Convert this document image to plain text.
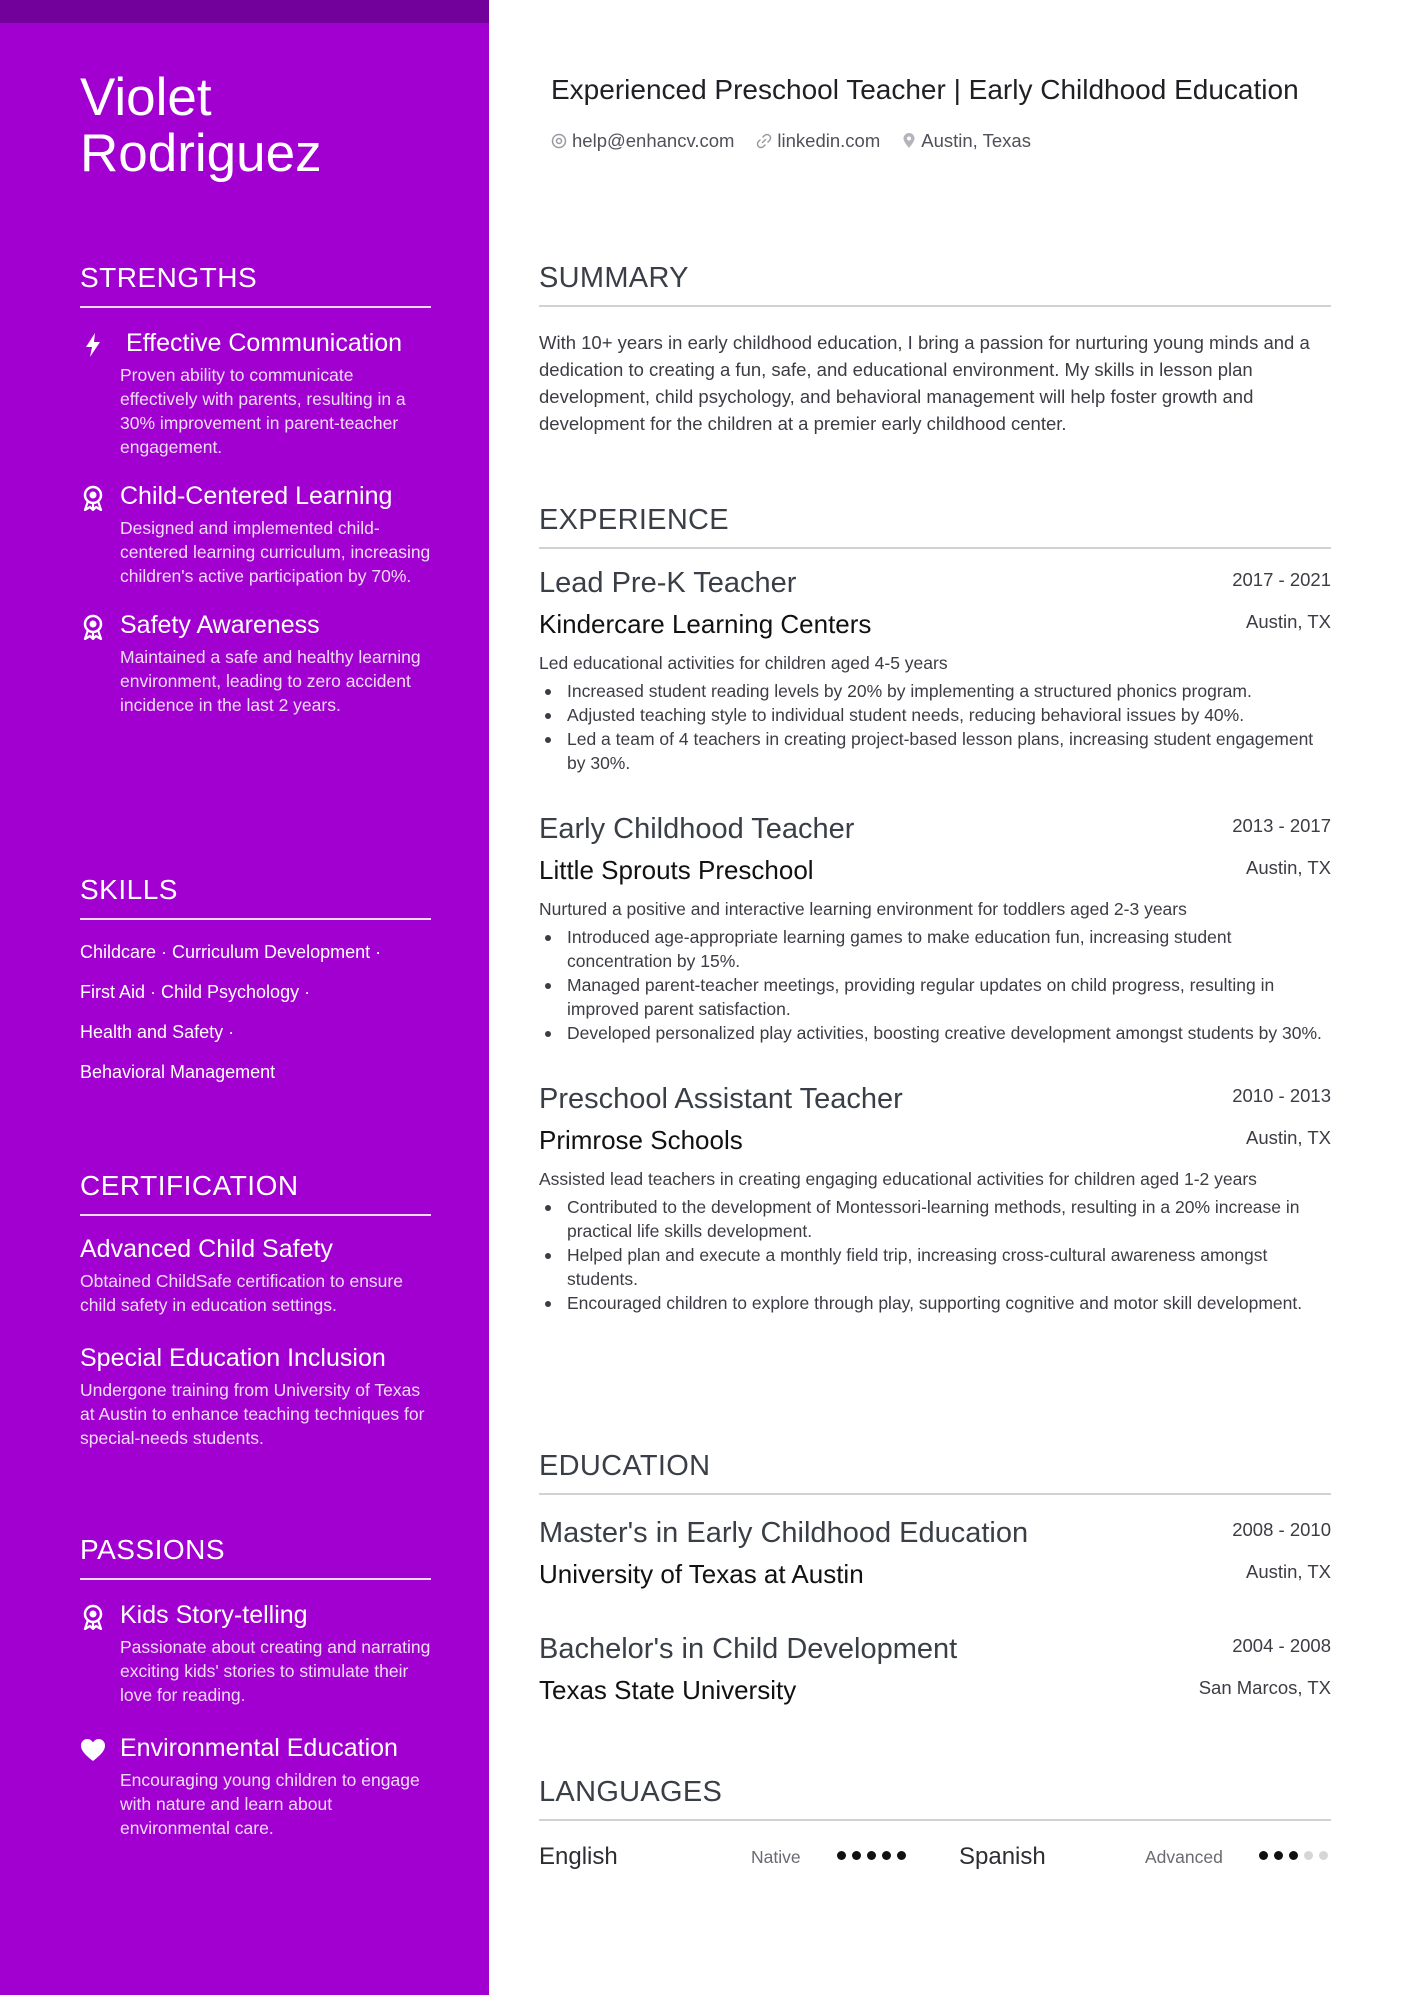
Violet
Rodriguez
STRENGTHS
Effective Communication
Proven ability to communicate effectively with parents, resulting in a 30% improvement in parent-teacher engagement.
Child-Centered Learning
Designed and implemented child-centered learning curriculum, increasing children's active participation by 70%.
Safety Awareness
Maintained a safe and healthy learning environment, leading to zero accident incidence in the last 2 years.
SKILLS
Childcare · Curriculum Development ·
First Aid · Child Psychology ·
Health and Safety ·
Behavioral Management
CERTIFICATION
Advanced Child Safety
Obtained ChildSafe certification to ensure child safety in education settings.
Special Education Inclusion
Undergone training from University of Texas at Austin to enhance teaching techniques for special-needs students.
PASSIONS
Kids Story-telling
Passionate about creating and narrating exciting kids' stories to stimulate their love for reading.
Environmental Education
Encouraging young children to engage with nature and learn about environmental care.
Experienced Preschool Teacher | Early Childhood Education
help@enhancv.com linkedin.com Austin, Texas
SUMMARY
With 10+ years in early childhood education, I bring a passion for nurturing young minds and a dedication to creating a fun, safe, and educational environment. My skills in lesson plan development, child psychology, and behavioral management will help foster growth and development for the children at a premier early childhood center.
EXPERIENCE
Lead Pre-K Teacher	2017 - 2021
Kindercare Learning Centers	Austin, TX
Led educational activities for children aged 4-5 years
Increased student reading levels by 20% by implementing a structured phonics program.
Adjusted teaching style to individual student needs, reducing behavioral issues by 40%.
Led a team of 4 teachers in creating project-based lesson plans, increasing student engagement by 30%.
Early Childhood Teacher	2013 - 2017
Little Sprouts Preschool	Austin, TX
Nurtured a positive and interactive learning environment for toddlers aged 2-3 years
Introduced age-appropriate learning games to make education fun, increasing student concentration by 15%.
Managed parent-teacher meetings, providing regular updates on child progress, resulting in improved parent satisfaction.
Developed personalized play activities, boosting creative development amongst students by 30%.
Preschool Assistant Teacher	2010 - 2013
Primrose Schools	Austin, TX
Assisted lead teachers in creating engaging educational activities for children aged 1-2 years
Contributed to the development of Montessori-learning methods, resulting in a 20% increase in practical life skills development.
Helped plan and execute a monthly field trip, increasing cross-cultural awareness amongst students.
Encouraged children to explore through play, supporting cognitive and motor skill development.
EDUCATION
Master's in Early Childhood Education	2008 - 2010
University of Texas at Austin	Austin, TX
Bachelor's in Child Development	2004 - 2008
Texas State University	San Marcos, TX
LANGUAGES
English	Native	Spanish	Advanced
